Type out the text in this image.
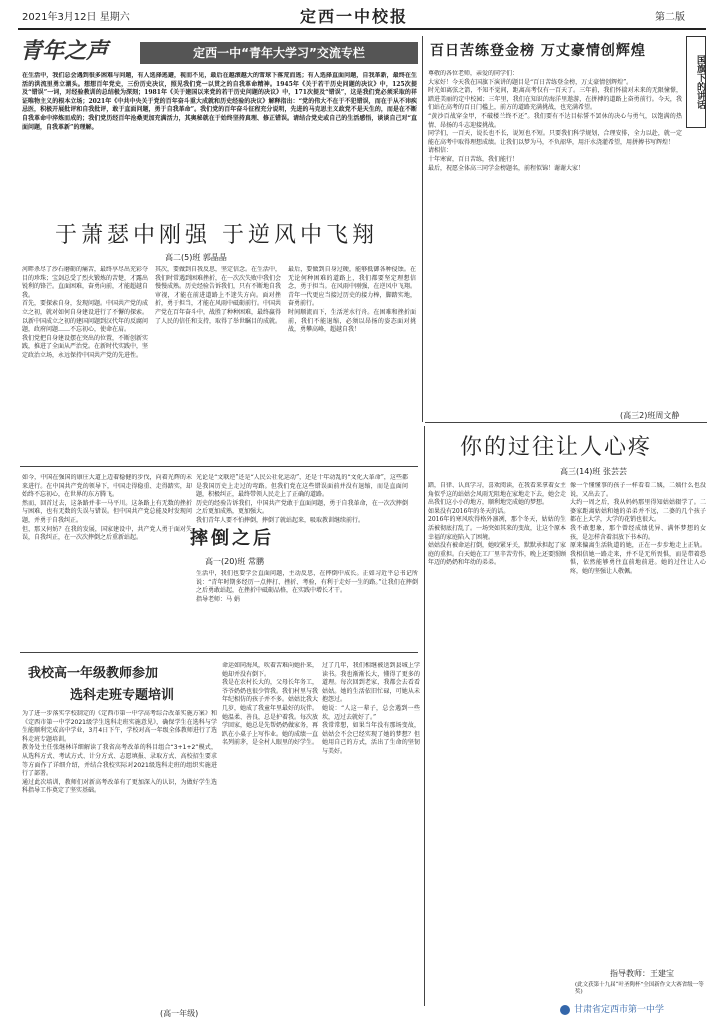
2021年3月12日 星期六	定西一中校报	第二版
青年之声	定西一中“青年大学习”交流专栏
在生活中，我们总会遇到很多困难与问题，有人选择逃避，视而不见，最后在越滚越大的雪球下落荒而逃；有人选择直面问题，自我革新，最终在生活的洪流里勇立潮头。想想百年党史，三份历史决议，照见我们党一以贯之的自我革命精神。1945年《关于若干历史问题的决议》中，125次提及“错误”一词，对经验教训的总结极为深刻；1981年《关于建国以来党的若干历史问题的决议》中，171次提及“错误”，这是我们党必须采取的祥证唯物主义的根本立场；2021年《中共中央关于党的百年奋斗重大成就和历史经验的决议》解释指出：“党的伟大不在于不犯错误，而在于从不讳疾忌医，积极开展批评和自我批评，敢于直面问题，勇于自我革命”。我们党的百年奋斗征程充分说明，先进的马克思主义政党不是天生的，而是在不断自我革命中淬炼而成的；我们党历经百年沧桑更加充满活力，其奥秘就在于始终坚持真理、修正错误。请结合党史或自己的生活感悟，谈谈自己对“直面问题，自我革新”的理解。
于萧瑟中刚强 于逆风中飞翔
高二(5)班 郭晶晶
河畔杀尽了沙石磨砺的痛苦，最终享尽出充彩夺目的珍珠；宝剑总受了烈火锻炼的苦楚，才露出锐利的锋芒。直面困难，奋勇向前，才能超越自我。
首先，要探索自身，发现问题。中国共产党的成立之初，就对如何自身建设进行了不懈的探索。以新中国成立之初的建国问题到汉代年的反腐问题，政府问题……不忘初心，使命在肩。
我们党把自身建设摆在突出的位置，不断创新实践，推进了全面从严治党。在新时代实践中，坚定政治立场，永远保持中国共产党的先进性。
其次，要做到自我反思，坚定信念。在生活中，我们时常遇到困难挫折，在一次次失败中我们会慢慢成熟。历史经验告诉我们，只有不断地自我审视，才能在前进道路上不迷失方向。面对挫折，勇于担当，才能在风雨中砥砺前行。中国共产党在百年奋斗中，战胜了种种困难，最终赢得了人民的信任和支持，取得了举世瞩目的成就。
最后，要做到自身过硬，能够抵御各种侵蚀。在无论何种困难的道路上，我们都要坚定理想信念，勇于担当。在风雨中刚强，在逆风中飞翔。青年一代更应当接过历史的接力棒，脚踏实地，奋勇前行。
时间顺流而下，生活逆水行舟。在困难和挫折面前，我们不能退缩，必须以昂扬的姿态面对挑战，勇攀高峰，超越自我！
百日苦练登金榜 万丈豪情创辉煌
国旗下的讲话
尊敬的各位老师，亲爱的同学们：
大家好！今天我在国旗下演讲的题目是“百日苦练登金榜，万丈豪情创辉煌”。
时光如离弦之箭，不知不觉间，距离高考仅有一百天了。三年前，我们怀揣对未来的无限憧憬，踏进美丽的定中校园；三年里，我们在知识的海洋里遨游，在拼搏的道路上奋勇前行。今天，我们站在高考的百日门槛上，前方的道路充满挑战，也充满希望。
“黄沙百战穿金甲，不破楼兰终不还”。我们要有不达目标誓不罢休的决心与勇气，以饱满的热情、昂扬的斗志迎接挑战。
同学们，一百天，说长也不长，说短也不短。只要我们科学规划，合理安排，全力以赴，就一定能在高考中取得理想成绩。让我们以梦为马，不负韶华，用汗水浇灌希望，用拼搏书写辉煌！
请相信：
十年寒窗，百日苦练，我们能行！
最后，祝愿全体高三同学金榜题名，前程似锦！谢谢大家！
(高三2)班周文静
摔倒之后
高一(20)班 常鹏
如今，中国在强国的康庄大道上迈着稳健的步伐，向着光辉的未来进行。在中国共产党的领导下，中国走得稳重、走得踏实，却始终不忘初心，在世界的东方腾飞。
然而，回首过去，这条路并非一马平川。这条路上有无数的挫折与困难，也有无数的失误与错误。但中国共产党总能及时发现问题，并勇于自我纠正。
但，那又何妨？在我的发展，国家建设中，共产党人勇于面对失误，自我纠正，在一次次摔倒之后重新站起。
光论是“文联逆”还是“人民公社化运动”，还是十年动乱的“文化大革命”，这些都是我国历史上走过的弯路。但我们党在这些错误面前并没有退缩，而是直面问题，积极纠正，最终带领人民走上了正确的道路。
历史的经验告诉我们，中国共产党敢于直面问题，勇于自我革命，在一次次摔倒之后更加成熟，更加强大。
我们青年人要不怕摔倒，摔倒了就站起来，吸取教训继续前行。
生活中，我们也要学会直面问题，主动反思，在摔倒中成长。正如习近平总书记所说：“青年时期多经历一点摔打、挫折、考验，有利于走好一生的路。”让我们在摔倒之后勇敢站起，在挫折中砥砺品格，在实践中增长才干。
指导老师：马 娟
你的过往让人心疼
高三(14)班 张芸芸
踏，自律、认真学习，喜欢阅读，在我看来拿着女主角似乎这的站姑会风雨无阻地在家地走下去，她会走出我们这小小的地方，顺利地完成她的梦想。
如果没有2016年的冬天的话。
2016年的寒风吹得格外凛冽，那个冬天，姑姑的生活被彻底打乱了。一场突如其来的变故，让这个原本幸福的家庭陷入了困境。
姑姑没有被命运打倒，她咬紧牙关，默默承担起了家庭的重担。白天她在工厂里辛苦劳作，晚上还要照顾年迈的奶奶和年幼的弟弟。
像一个懂懂事的孩子一样看看二姨，二姨什么也没说，又出去了。
大约一周之后，我从妈妈那里得知姑姑辍学了。二婆家距离姑姑和她的弟弟并不远，二婆的几个孩子都在上大学，大学的花销也很大。
我不敢想象，那个曾经成绩优异、满怀梦想的女孩，是怎样含着泪放下书本的。
原来偏离生活轨道的她，正在一步步地走上正轨。我相信她一路走来，并不是无所畏惧，而是带着恐惧，依然能够勇往直前地前进。她的过往让人心疼，她的坚强让人敬佩。
指导教师：王建宝
(此文获第十九届“叶圣陶杯”全国新作文大赛省级一等奖)
我校高一年级教师参加
选科走班专题培训
为了进一步落实学校制定的《定西市第一中学高考综合改革实施方案》和《定西市第一中学2021级学生选科走班实施意见》，确保学生在选科与学生能顺利完成高中学业，3月4日下午，学校对高一年级全体教师进行了选科走班专题培训。
教务处主任张继林详细解读了我省高考改革的科目组合“3+1+2”模式，从选科方式、考试方式、计分方式、志愿填报、录取方式、高校招生要求等方面作了详细介绍，并结合我校实际对2021级选科走班的组织实施进行了部署。
通过此次培训，教师们对新高考改革有了更加深入的认识，为做好学生选科指导工作奠定了坚实基础。
(高一年级)
命运如同海风，吹着苦难向她扑来，她却并没有倒下。
我是在农村长大的，父母长年务工，爷爷奶奶也很少管我。我们村里与我年纪相仿的孩子并不多。姑姑比我大几岁，她成了我童年里最好的玩伴。
她温柔、善良，总是护着我。每次放学回家，她总是先帮奶奶做家务，再趴在小桌子上写作业。她的成绩一直名列前茅，是全村人眼里的好学生。
过了几年，我们相继被送到县城上学读书。我也渐渐长大，懂得了更多的道理。每次回到老家，我都会去看看姑姑。她的生活依旧忙碌，可她从未抱怨过。
她说：“人这一辈子，总会遇到一些坎，迈过去就好了。”
我常常想，如果当年没有那场变故，姑姑会不会已经实现了她的梦想？但她用自己的方式，活出了生命的坚韧与美好。
甘肃省定西市第一中学
